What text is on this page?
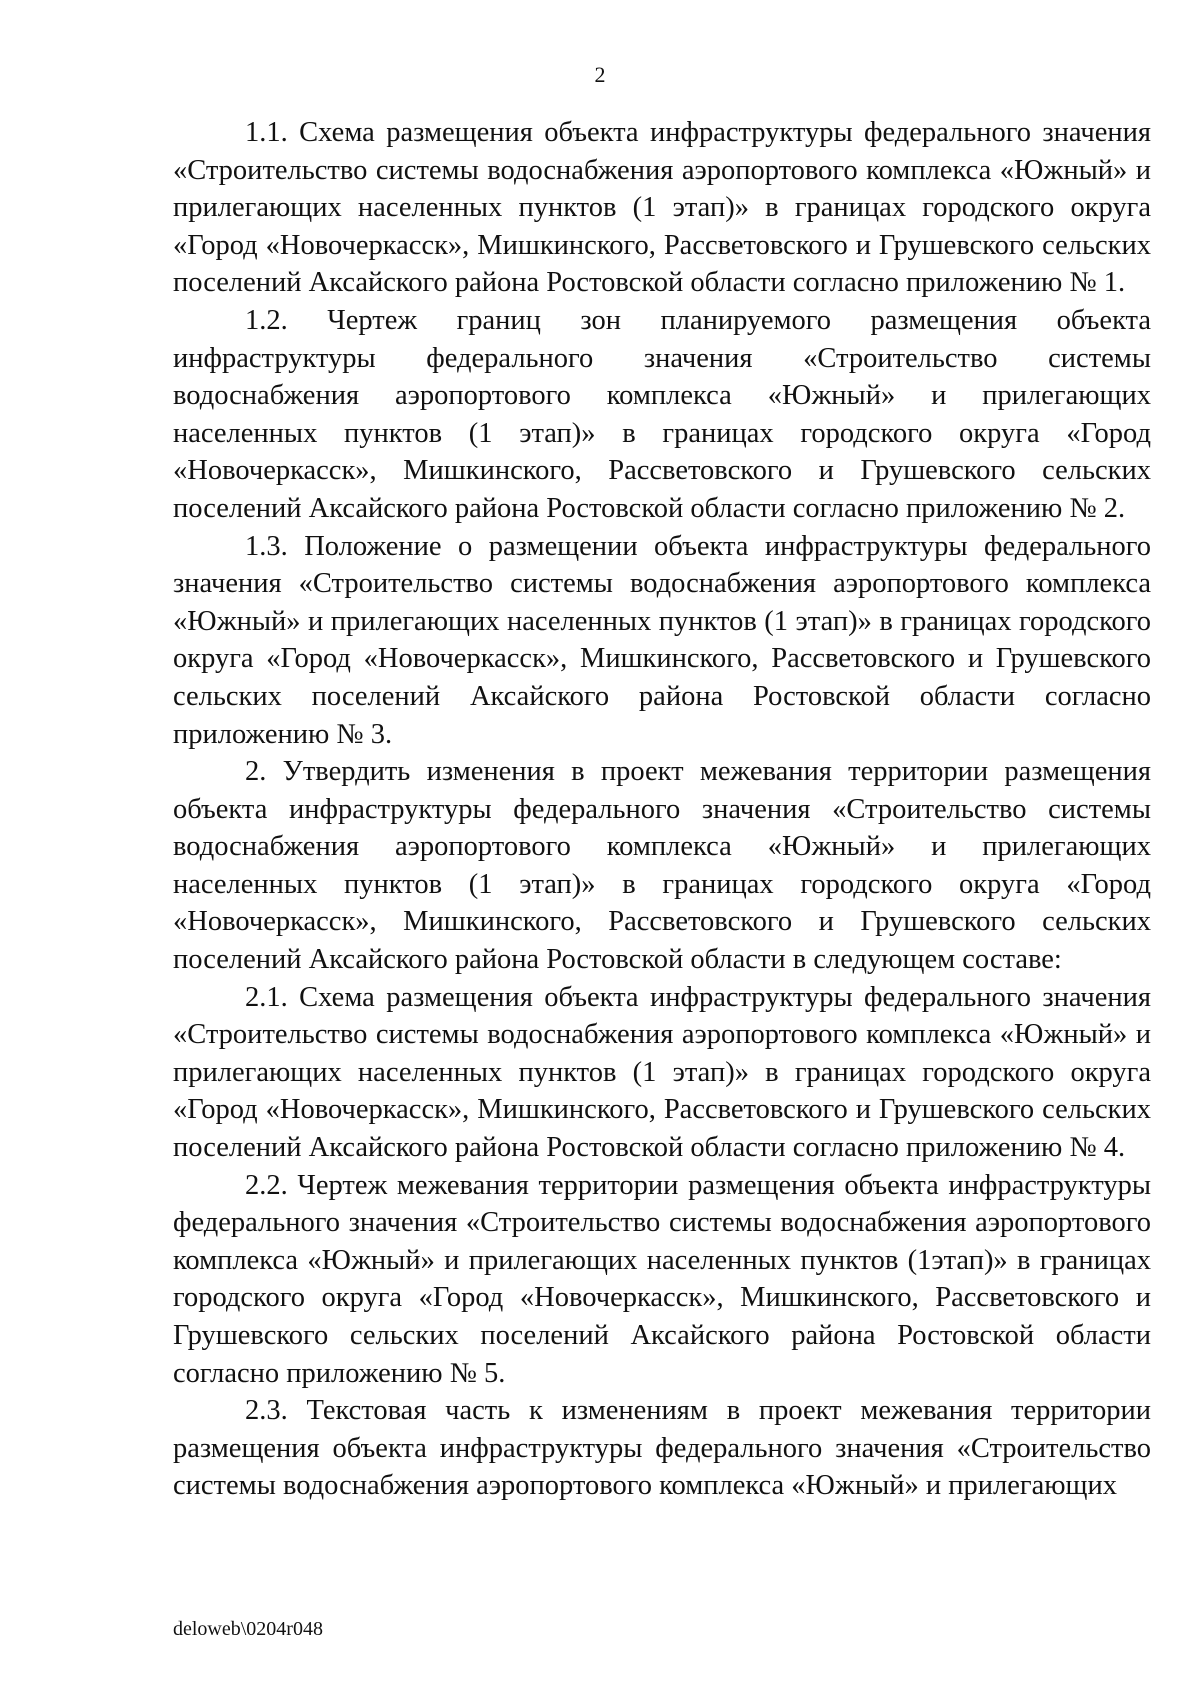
2

1.1. Схема размещения объекта инфраструктуры федерального значения «Строительство системы водоснабжения аэропортового комплекса «Южный» и прилегающих населенных пунктов (1 этап)» в границах городского округа «Город «Новочеркасск», Мишкинского, Рассветовского и Грушевского сельских поселений Аксайского района Ростовской области согласно приложению № 1.

1.2. Чертеж границ зон планируемого размещения объекта инфраструктуры федерального значения «Строительство системы водоснабжения аэропортового комплекса «Южный» и прилегающих населенных пунктов (1 этап)» в границах городского округа «Город «Новочеркасск», Мишкинского, Рассветовского и Грушевского сельских поселений Аксайского района Ростовской области согласно приложению № 2.

1.3. Положение о размещении объекта инфраструктуры федерального значения «Строительство системы водоснабжения аэропортового комплекса «Южный» и прилегающих населенных пунктов (1 этап)» в границах городского округа «Город «Новочеркасск», Мишкинского, Рассветовского и Грушевского сельских поселений Аксайского района Ростовской области согласно приложению № 3.

2. Утвердить изменения в проект межевания территории размещения объекта инфраструктуры федерального значения «Строительство системы водоснабжения аэропортового комплекса «Южный» и прилегающих населенных пунктов (1 этап)» в границах городского округа «Город «Новочеркасск», Мишкинского, Рассветовского и Грушевского сельских поселений Аксайского района Ростовской области в следующем составе:

2.1. Схема размещения объекта инфраструктуры федерального значения «Строительство системы водоснабжения аэропортового комплекса «Южный» и прилегающих населенных пунктов (1 этап)» в границах городского округа «Город «Новочеркасск», Мишкинского, Рассветовского и Грушевского сельских поселений Аксайского района Ростовской области согласно приложению № 4.

2.2. Чертеж межевания территории размещения объекта инфраструктуры федерального значения «Строительство системы водоснабжения аэропортового комплекса «Южный» и прилегающих населенных пунктов (1этап)» в границах городского округа «Город «Новочеркасск», Мишкинского, Рассветовского и Грушевского сельских поселений Аксайского района Ростовской области согласно приложению № 5.

2.3. Текстовая часть к изменениям в проект межевания территории размещения объекта инфраструктуры федерального значения «Строительство системы водоснабжения аэропортового комплекса «Южный» и прилегающих

deloweb\0204r048
